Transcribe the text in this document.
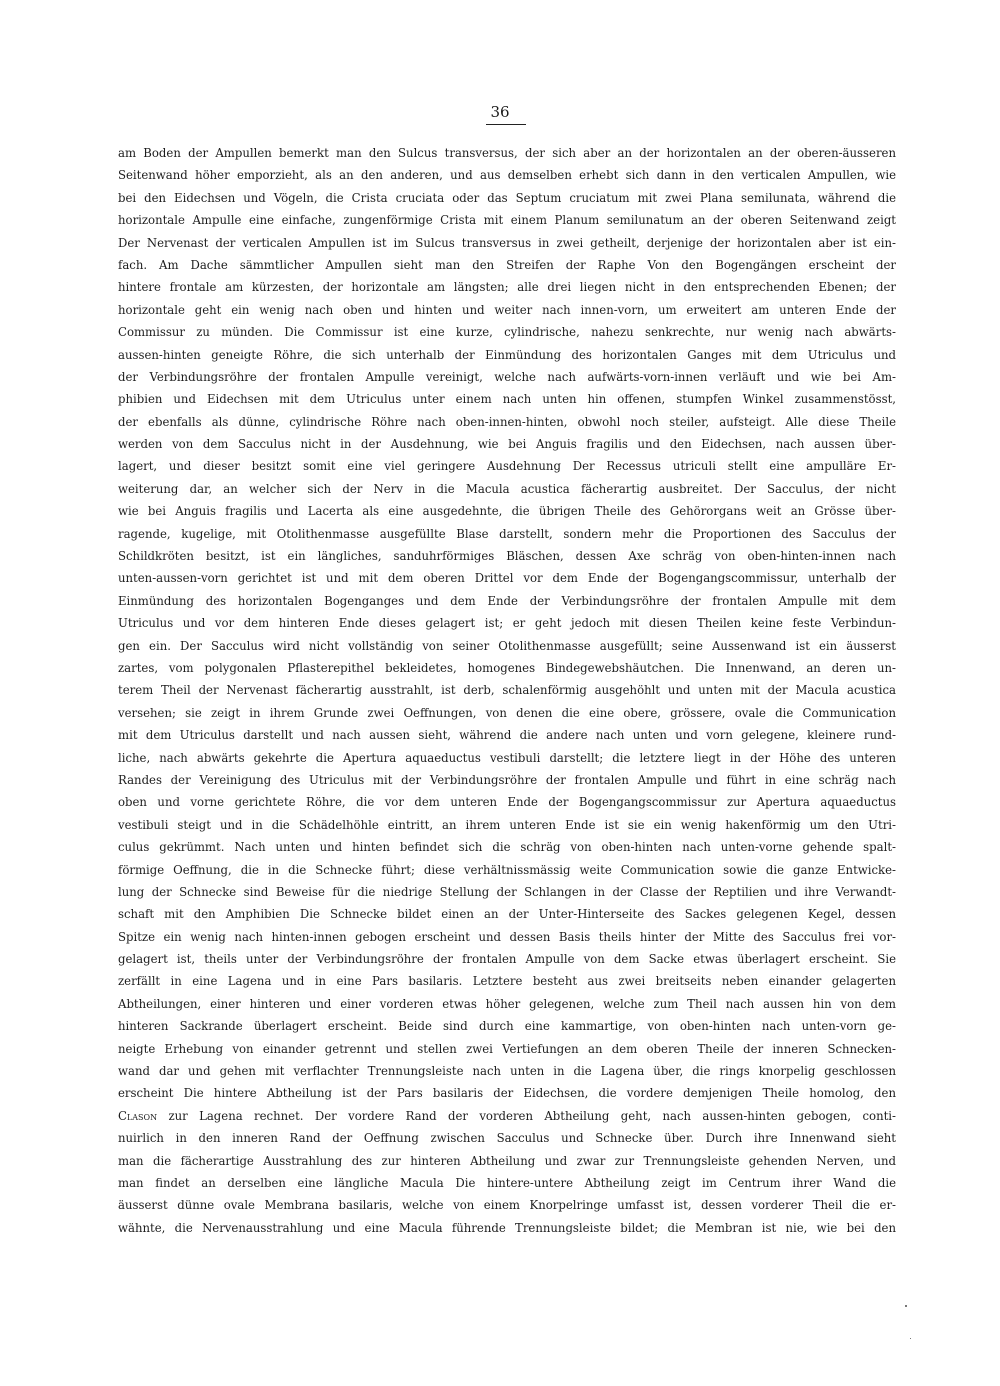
36
am Boden der Ampullen bemerkt man den Sulcus transversus, der sich aber an der horizontalen an der oberen-äusseren
Seitenwand höher emporzieht, als an den anderen, und aus demselben erhebt sich dann in den verticalen Ampullen, wie
bei den Eidechsen und Vögeln, die Crista cruciata oder das Septum cruciatum mit zwei Plana semilunata, während die
horizontale Ampulle eine einfache, zungenförmige Crista mit einem Planum semilunatum an der oberen Seitenwand zeigt
Der Nervenast der verticalen Ampullen ist im Sulcus transversus in zwei getheilt, derjenige der horizontalen aber ist ein-
fach. Am Dache sämmtlicher Ampullen sieht man den Streifen der Raphe Von den Bogengängen erscheint der
hintere frontale am kürzesten, der horizontale am längsten; alle drei liegen nicht in den entsprechenden Ebenen; der
horizontale geht ein wenig nach oben und hinten und weiter nach innen-vorn, um erweitert am unteren Ende der
Commissur zu münden. Die Commissur ist eine kurze, cylindrische, nahezu senkrechte, nur wenig nach abwärts-
aussen-hinten geneigte Röhre, die sich unterhalb der Einmündung des horizontalen Ganges mit dem Utriculus und
der Verbindungsröhre der frontalen Ampulle vereinigt, welche nach aufwärts-vorn-innen verläuft und wie bei Am-
phibien und Eidechsen mit dem Utriculus unter einem nach unten hin offenen, stumpfen Winkel zusammenstösst,
der ebenfalls als dünne, cylindrische Röhre nach oben-innen-hinten, obwohl noch steiler, aufsteigt. Alle diese Theile
werden von dem Sacculus nicht in der Ausdehnung, wie bei Anguis fragilis und den Eidechsen, nach aussen über-
lagert, und dieser besitzt somit eine viel geringere Ausdehnung Der Recessus utriculi stellt eine ampulläre Er-
weiterung dar, an welcher sich der Nerv in die Macula acustica fächerartig ausbreitet. Der Sacculus, der nicht
wie bei Anguis fragilis und Lacerta als eine ausgedehnte, die übrigen Theile des Gehörorgans weit an Grösse über-
ragende, kugelige, mit Otolithenmasse ausgefüllte Blase darstellt, sondern mehr die Proportionen des Sacculus der
Schildkröten besitzt, ist ein längliches, sanduhrförmiges Bläschen, dessen Axe schräg von oben-hinten-innen nach
unten-aussen-vorn gerichtet ist und mit dem oberen Drittel vor dem Ende der Bogengangscommissur, unterhalb der
Einmündung des horizontalen Bogenganges und dem Ende der Verbindungsröhre der frontalen Ampulle mit dem
Utriculus und vor dem hinteren Ende dieses gelagert ist; er geht jedoch mit diesen Theilen keine feste Verbindun-
gen ein. Der Sacculus wird nicht vollständig von seiner Otolithenmasse ausgefüllt; seine Aussenwand ist ein äusserst
zartes, vom polygonalen Pflasterepithel bekleidetes, homogenes Bindegewebshäutchen. Die Innenwand, an deren un-
terem Theil der Nervenast fächerartig ausstrahlt, ist derb, schalenförmig ausgehöhlt und unten mit der Macula acustica
versehen; sie zeigt in ihrem Grunde zwei Oeffnungen, von denen die eine obere, grössere, ovale die Communication
mit dem Utriculus darstellt und nach aussen sieht, während die andere nach unten und vorn gelegene, kleinere rund-
liche, nach abwärts gekehrte die Apertura aquaeductus vestibuli darstellt; die letztere liegt in der Höhe des unteren
Randes der Vereinigung des Utriculus mit der Verbindungsröhre der frontalen Ampulle und führt in eine schräg nach
oben und vorne gerichtete Röhre, die vor dem unteren Ende der Bogengangscommissur zur Apertura aquaeductus
vestibuli steigt und in die Schädelhöhle eintritt, an ihrem unteren Ende ist sie ein wenig hakenförmig um den Utri-
culus gekrümmt. Nach unten und hinten befindet sich die schräg von oben-hinten nach unten-vorne gehende spalt-
förmige Oeffnung, die in die Schnecke führt; diese verhältnissmässig weite Communication sowie die ganze Entwicke-
lung der Schnecke sind Beweise für die niedrige Stellung der Schlangen in der Classe der Reptilien und ihre Verwandt-
schaft mit den Amphibien Die Schnecke bildet einen an der Unter-Hinterseite des Sackes gelegenen Kegel, dessen
Spitze ein wenig nach hinten-innen gebogen erscheint und dessen Basis theils hinter der Mitte des Sacculus frei vor-
gelagert ist, theils unter der Verbindungsröhre der frontalen Ampulle von dem Sacke etwas überlagert erscheint. Sie
zerfällt in eine Lagena und in eine Pars basilaris. Letztere besteht aus zwei breitseits neben einander gelagerten
Abtheilungen, einer hinteren und einer vorderen etwas höher gelegenen, welche zum Theil nach aussen hin von dem
hinteren Sackrande überlagert erscheint. Beide sind durch eine kammartige, von oben-hinten nach unten-vorn ge-
neigte Erhebung von einander getrennt und stellen zwei Vertiefungen an dem oberen Theile der inneren Schnecken-
wand dar und gehen mit verflachter Trennungsleiste nach unten in die Lagena über, die rings knorpelig geschlossen
erscheint Die hintere Abtheilung ist der Pars basilaris der Eidechsen, die vordere demjenigen Theile homolog, den
Clason zur Lagena rechnet. Der vordere Rand der vorderen Abtheilung geht, nach aussen-hinten gebogen, conti-
nuirlich in den inneren Rand der Oeffnung zwischen Sacculus und Schnecke über. Durch ihre Innenwand sieht
man die fächerartige Ausstrahlung des zur hinteren Abtheilung und zwar zur Trennungsleiste gehenden Nerven, und
man findet an derselben eine längliche Macula Die hintere-untere Abtheilung zeigt im Centrum ihrer Wand die
äusserst dünne ovale Membrana basilaris, welche von einem Knorpelringe umfasst ist, dessen vorderer Theil die er-
wähnte, die Nervenausstrahlung und eine Macula führende Trennungsleiste bildet; die Membran ist nie, wie bei den
